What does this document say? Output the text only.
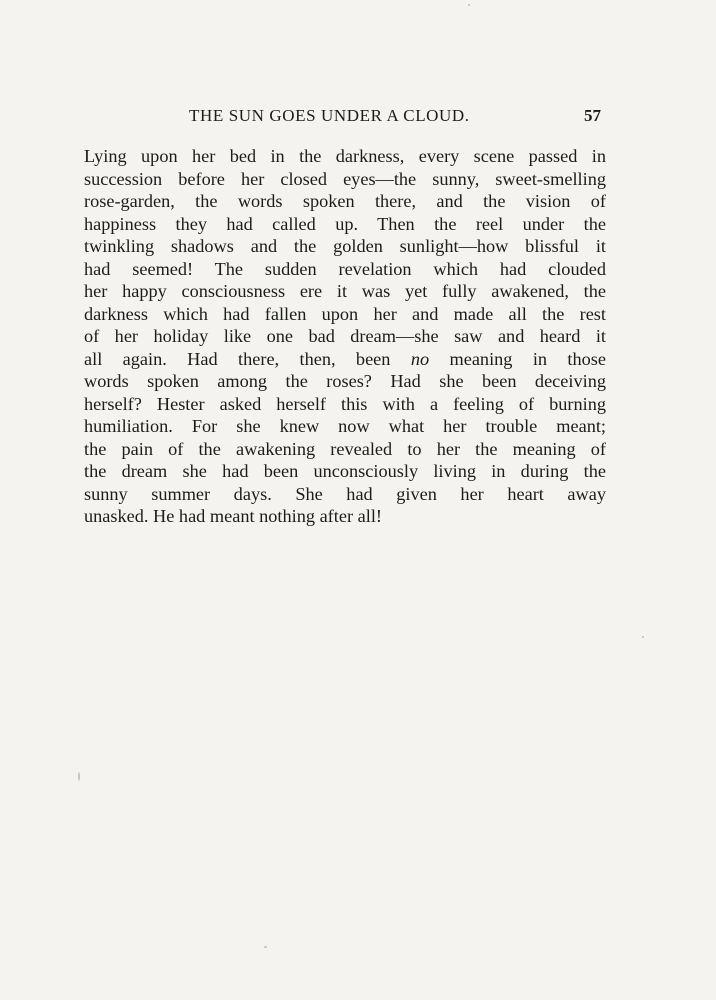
THE SUN GOES UNDER A CLOUD.	57
Lying upon her bed in the darkness, every scene passed in
succession before her closed eyes—the sunny, sweet-smelling
rose-garden, the words spoken there, and the vision of
happiness they had called up. Then the reel under the
twinkling shadows and the golden sunlight—how blissful it
had seemed! The sudden revelation which had clouded
her happy consciousness ere it was yet fully awakened, the
darkness which had fallen upon her and made all the rest
of her holiday like one bad dream—she saw and heard it
all again. Had there, then, been no meaning in those
words spoken among the roses? Had she been deceiving
herself? Hester asked herself this with a feeling of burning
humiliation. For she knew now what her trouble meant;
the pain of the awakening revealed to her the meaning of
the dream she had been unconsciously living in during the
sunny summer days. She had given her heart away
unasked. He had meant nothing after all!
